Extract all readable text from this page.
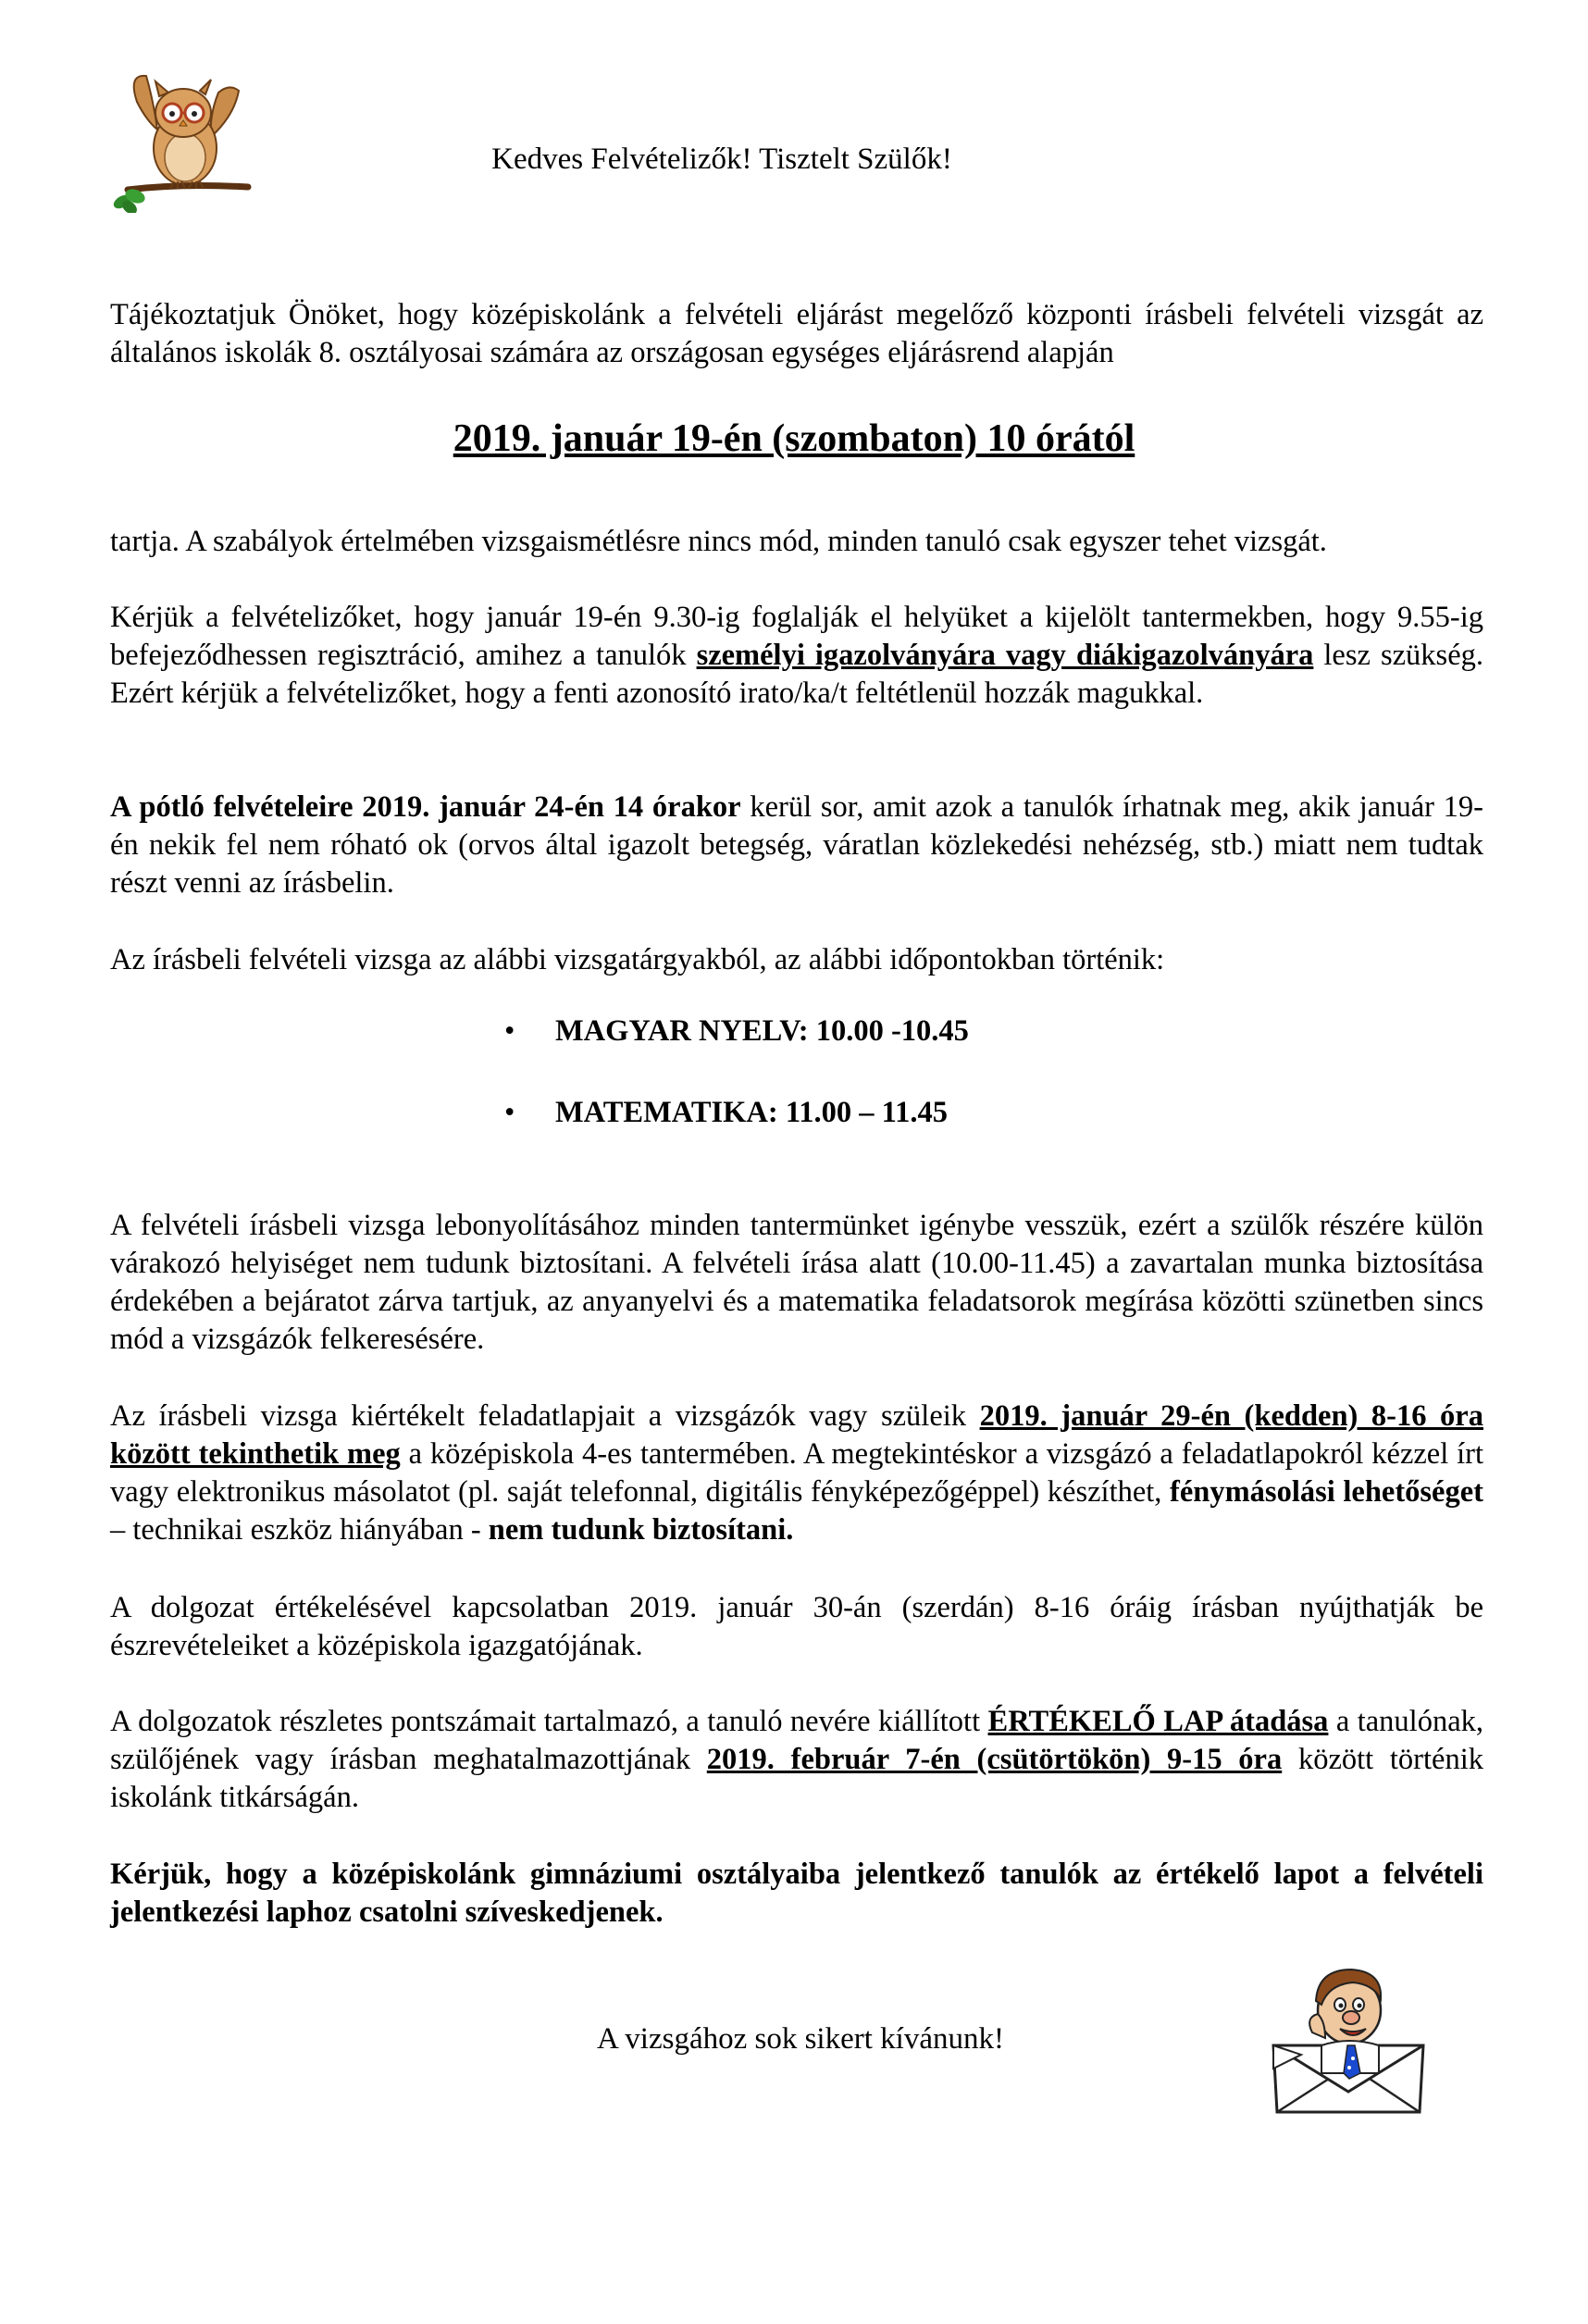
Kedves Felvételizők! Tisztelt Szülők!

Tájékoztatjuk Önöket, hogy középiskolánk a felvételi eljárást megelőző központi írásbeli felvételi vizsgát az általános iskolák 8. osztályosai számára az országosan egységes eljárásrend alapján

2019. január 19-én (szombaton) 10 órától

tartja. A szabályok értelmében vizsgaismétlésre nincs mód, minden tanuló csak egyszer tehet vizsgát.

Kérjük a felvételizőket, hogy január 19-én 9.30-ig foglalják el helyüket a kijelölt tantermekben, hogy 9.55-ig befejeződhessen regisztráció, amihez a tanulók személyi igazolványára vagy diákigazolványára lesz szükség. Ezért kérjük a felvételizőket, hogy a fenti azonosító irato/ka/t feltétlenül hozzák magukkal.

A pótló felvételeire 2019. január 24-én 14 órakor kerül sor, amit azok a tanulók írhatnak meg, akik január 19-én nekik fel nem róható ok (orvos által igazolt betegség, váratlan közlekedési nehézség, stb.) miatt nem tudtak részt venni az írásbelin.

Az írásbeli felvételi vizsga az alábbi vizsgatárgyakból, az alábbi időpontokban történik:

• MAGYAR NYELV: 10.00 -10.45
• MATEMATIKA: 11.00 – 11.45

A felvételi írásbeli vizsga lebonyolításához minden tantermünket igénybe vesszük, ezért a szülők részére külön várakozó helyiséget nem tudunk biztosítani. A felvételi írása alatt (10.00-11.45) a zavartalan munka biztosítása érdekében a bejáratot zárva tartjuk, az anyanyelvi és a matematika feladatsorok megírása közötti szünetben sincs mód a vizsgázók felkeresésére.

Az írásbeli vizsga kiértékelt feladatlapjait a vizsgázók vagy szüleik 2019. január 29-én (kedden) 8-16 óra között tekinthetik meg a középiskola 4-es tantermében. A megtekintéskor a vizsgázó a feladatlapokról kézzel írt vagy elektronikus másolatot (pl. saját telefonnal, digitális fényképezőgéppel) készíthet, fénymásolási lehetőséget – technikai eszköz hiányában - nem tudunk biztosítani.

A dolgozat értékelésével kapcsolatban 2019. január 30-án (szerdán) 8-16 óráig írásban nyújthatják be észrevételeiket a középiskola igazgatójának.

A dolgozatok részletes pontszámait tartalmazó, a tanuló nevére kiállított ÉRTÉKELŐ LAP átadása a tanulónak, szülőjének vagy írásban meghatalmazottjának 2019. február 7-én (csütörtökön) 9-15 óra között történik iskolánk titkárságán.

Kérjük, hogy a középiskolánk gimnáziumi osztályaiba jelentkező tanulók az értékelő lapot a felvételi jelentkezési laphoz csatolni szíveskedjenek.

A vizsgához sok sikert kívánunk!
